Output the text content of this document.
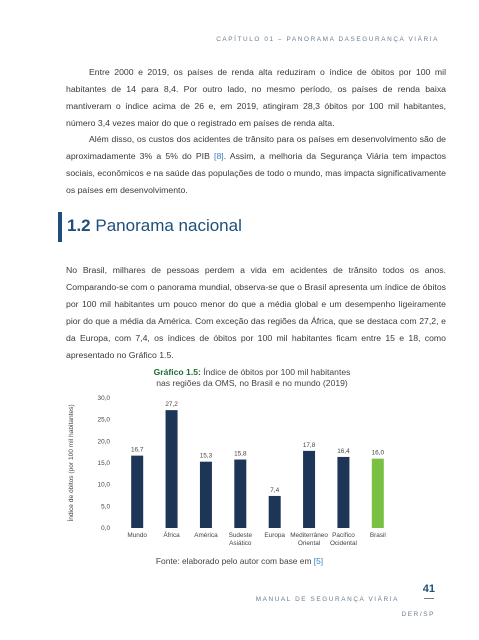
CAPÍTULO 01 – PANORAMA DASEGURANÇA VIÁRIA

Entre 2000 e 2019, os países de renda alta reduziram o índice de óbitos por 100 mil habitantes de 14 para 8,4. Por outro lado, no mesmo período, os países de renda baixa mantiveram o índice acima de 26 e, em 2019, atingiram 28,3 óbitos por 100 mil habitantes, número 3,4 vezes maior do que o registrado em países de renda alta.

Além disso, os custos dos acidentes de trânsito para os países em desenvolvimento são de aproximadamente 3% a 5% do PIB [8]. Assim, a melhoria da Segurança Viária tem impactos sociais, econômicos e na saúde das populações de todo o mundo, mas impacta significativamente os países em desenvolvimento.

1.2 Panorama nacional

No Brasil, milhares de pessoas perdem a vida em acidentes de trânsito todos os anos. Comparando-se com o panorama mundial, observa-se que o Brasil apresenta um índice de óbitos por 100 mil habitantes um pouco menor do que a média global e um desempenho ligeiramente pior do que a média da América. Com exceção das regiões da África, que se destaca com 27,2, e da Europa, com 7,4, os índices de óbitos por 100 mil habitantes ficam entre 15 e 18, como apresentado no Gráfico 1.5.

Gráfico 1.5: Índice de óbitos por 100 mil habitantes
nas regiões da OMS, no Brasil e no mundo (2019)
Índice de óbitos (por 100 mil habitantes)
0,0
5,0
10,0
15,0
20,0
25,0
30,0
16,7
Mundo
27,2
África
15,3
América
15,8
Sudeste
Asiático
7,4
Europa
17,8
Mediterrâneo
Oriental
16,4
Pacífico
Ocidental
16,0
Brasil
Fonte: elaborado pelo autor com base em [5]
41
MANUAL DE SEGURANÇA VIÁRIA
DER/SP
